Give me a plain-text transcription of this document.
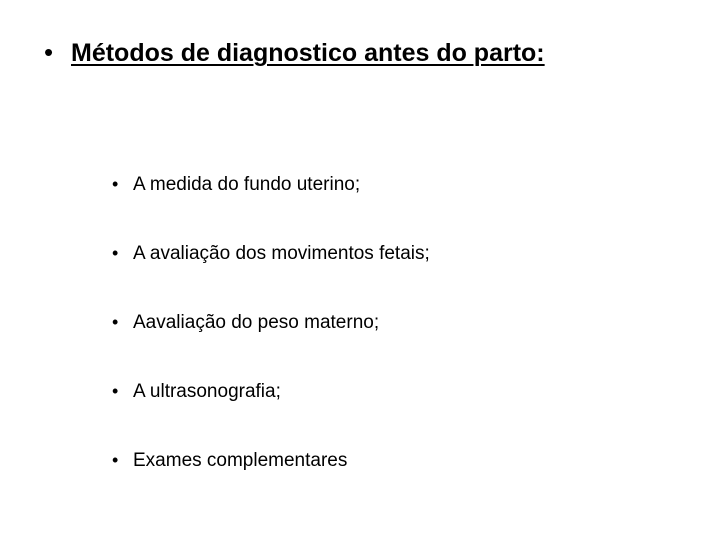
• Métodos de diagnostico antes do parto:
• A medida do fundo uterino;
• A avaliação dos movimentos fetais;
• Aavaliação do peso materno;
• A ultrasonografia;
• Exames complementares
